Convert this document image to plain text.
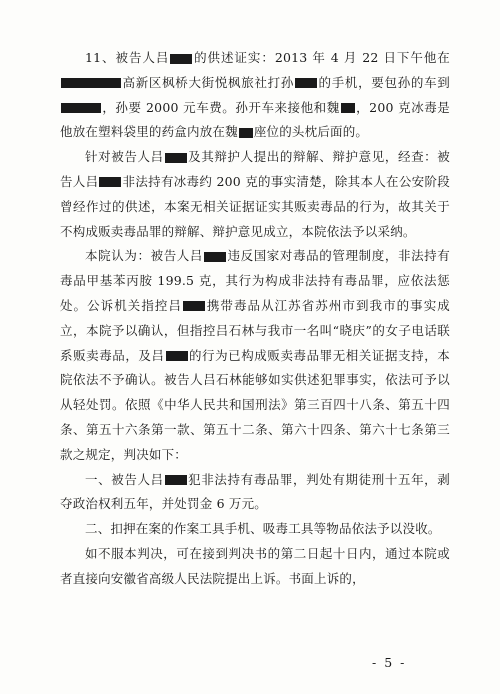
11、被告人吕 的供述证实：2013 年 4 月 22 日下午他在高新区枫桥大街悦枫旅社打孙 的手机，要包孙的车到，孙要 2000 元车费。孙开车来接他和魏 ，200 克冰毒是他放在塑料袋里的药盒内放在魏 座位的头枕后面的。

针对被告人吕 及其辩护人提出的辩解、辩护意见，经查：被告人吕 非法持有冰毒约 200 克的事实清楚，除其本人在公安阶段曾经作过的供述，本案无相关证据证实其贩卖毒品的行为，故其关于不构成贩卖毒品罪的辩解、辩护意见成立，本院依法予以采纳。

本院认为：被告人吕 违反国家对毒品的管理制度，非法持有毒品甲基苯丙胺 199.5 克，其行为构成非法持有毒品罪，应依法惩处。公诉机关指控吕 携带毒品从江苏省苏州市到我市的事实成立，本院予以确认，但指控吕石林与我市一名叫“晓庆”的女子电话联系贩卖毒品，及吕 的行为已构成贩卖毒品罪无相关证据支持，本院依法不予确认。被告人吕石林能够如实供述犯罪事实，依法可予以从轻处罚。依照《中华人民共和国刑法》第三百四十八条、第五十四条、第五十六条第一款、第五十二条、第六十四条、第六十七条第三款之规定，判决如下：

一、被告人吕 犯非法持有毒品罪，判处有期徒刑十五年，剥夺政治权利五年，并处罚金 6 万元。

二、扣押在案的作案工具手机、吸毒工具等物品依法予以没收。

如不服本判决，可在接到判决书的第二日起十日内，通过本院或者直接向安徽省高级人民法院提出上诉。书面上诉的，

- 5 -
